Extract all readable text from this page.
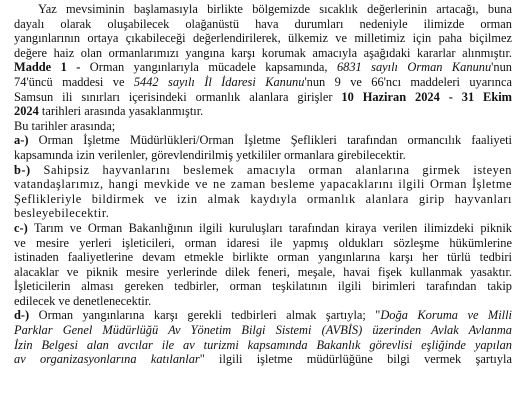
Yaz mevsiminin başlamasıyla birlikte bölgemizde sıcaklık değerlerinin artacağı, buna
dayalı olarak oluşabilecek olağanüstü hava durumları nedeniyle ilimizde orman
yangınlarının ortaya çıkabileceği değerlendirilerek, ülkemiz ve milletimiz için paha biçilmez
değere haiz olan ormanlarımızı yangına karşı korumak amacıyla aşağıdaki kararlar alınmıştır.
Madde 1 - Orman yangınlarıyla mücadele kapsamında, 6831 sayılı Orman Kanunu'nun
74'üncü maddesi ve 5442 sayılı İl İdaresi Kanunu'nun 9 ve 66'ncı maddeleri uyarınca
Samsun ili sınırları içerisindeki ormanlık alanlara girişler 10 Haziran 2024 - 31 Ekim
2024 tarihleri arasında yasaklanmıştır.
Bu tarihler arasında;
a-) Orman İşletme Müdürlükleri/Orman İşletme Şeflikleri tarafından ormancılık faaliyeti
kapsamında izin verilenler, görevlendirilmiş yetkililer ormanlara girebilecektir.
b-) Sahipsiz hayvanlarını beslemek amacıyla orman alanlarına girmek isteyen
vatandaşlarımız, hangi mevkide ve ne zaman besleme yapacaklarını ilgili Orman İşletme
Şeflikleriyle bildirmek ve izin almak kaydıyla ormanlık alanlara girip hayvanları
besleyebilecektir.
c-) Tarım ve Orman Bakanlığının ilgili kuruluşları tarafından kiraya verilen ilimizdeki piknik
ve mesire yerleri işleticileri, orman idaresi ile yapmış oldukları sözleşme hükümlerine
istinaden faaliyetlerine devam etmekle birlikte orman yangınlarına karşı her türlü tedbiri
alacaklar ve piknik mesire yerlerinde dilek feneri, meşale, havai fişek kullanmak yasaktır.
İşleticilerin alması gereken tedbirler, orman teşkilatının ilgili birimleri tarafından takip
edilecek ve denetlenecektir.
d-) Orman yangınlarına karşı gerekli tedbirleri almak şartıyla; "Doğa Koruma ve Milli
Parklar Genel Müdürlüğü Av Yönetim Bilgi Sistemi (AVBİS) üzerinden Avlak Avlanma
İzin Belgesi alan avcılar ile av turizmi kapsamında Bakanlık görevlisi eşliğinde yapılan
av organizasyonlarına katılanlar" ilgili işletme müdürlüğüne bilgi vermek şartıyla
